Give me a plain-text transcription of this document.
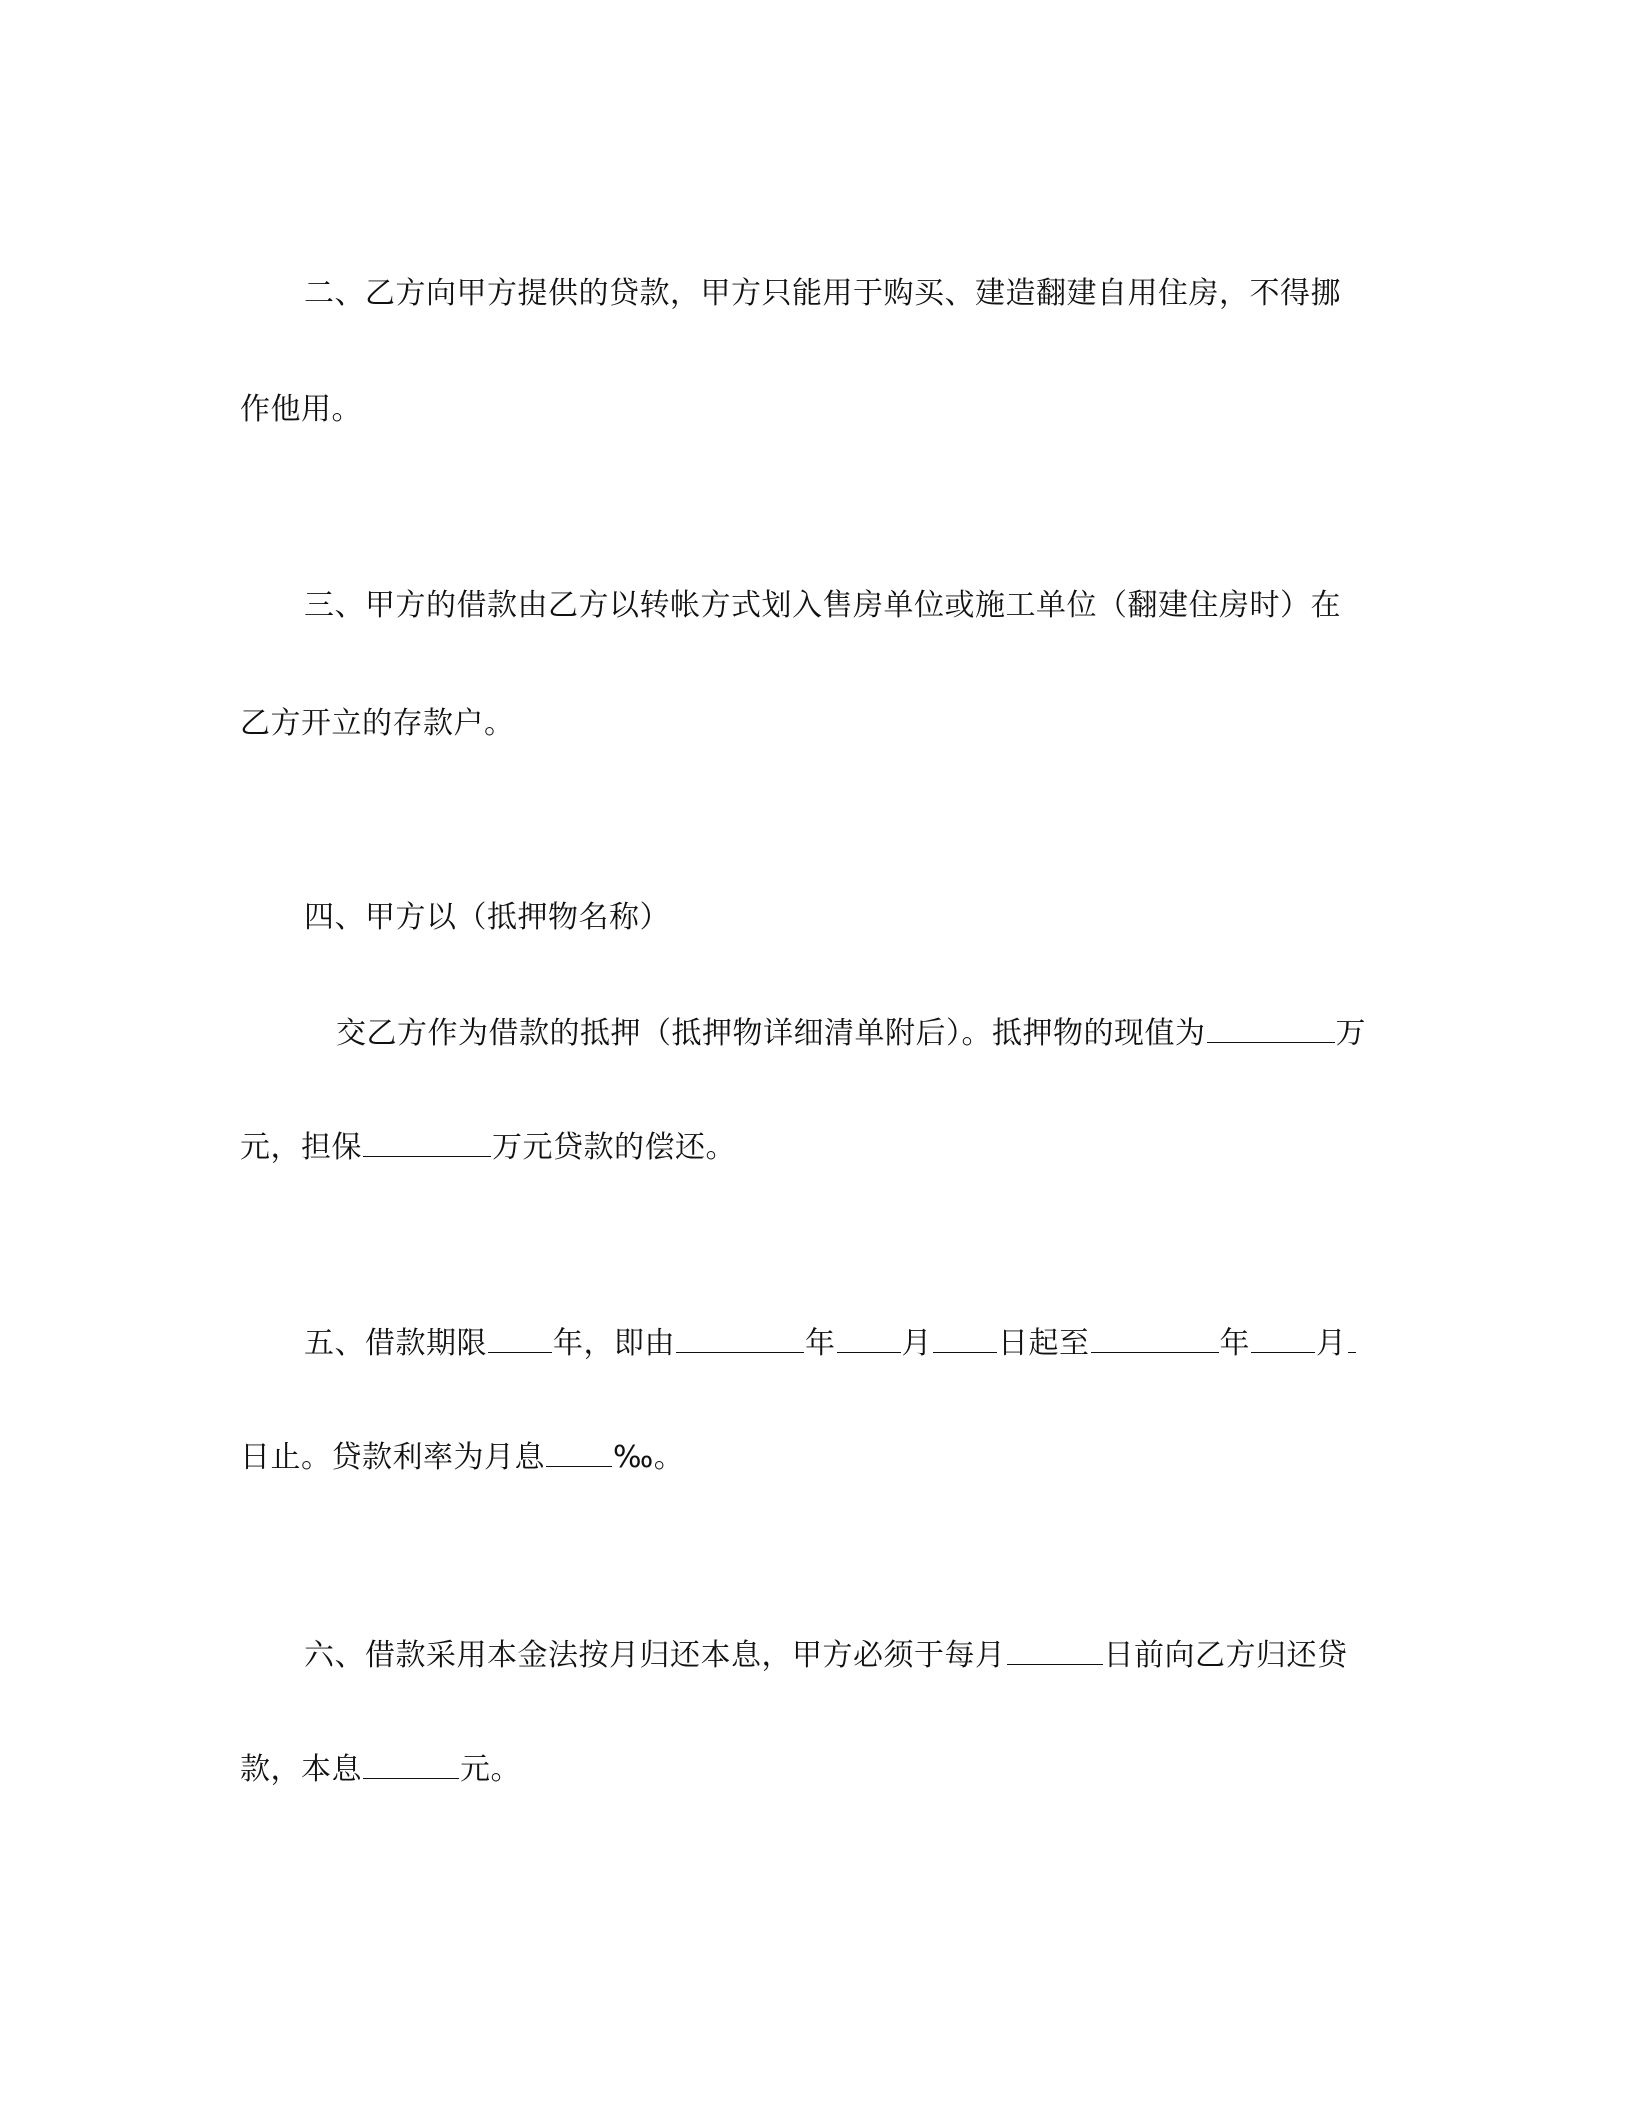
二、乙方向甲方提供的贷款，甲方只能用于购买、建造翻建自用住房，不得挪
作他用。
三、甲方的借款由乙方以转帐方式划入售房单位或施工单位（翻建住房时）在
乙方开立的存款户。
四、甲方以（抵押物名称）
交乙方作为借款的抵押（抵押物详细清单附后）。抵押物的现值为	万
元，担保	万元贷款的偿还。
五、借款期限 年，即由	年 月 日起至	年 月
日止。贷款利率为月息 ‰。
六、借款采用本金法按月归还本息，甲方必须于每月	日前向乙方归还贷
款，本息	元。
